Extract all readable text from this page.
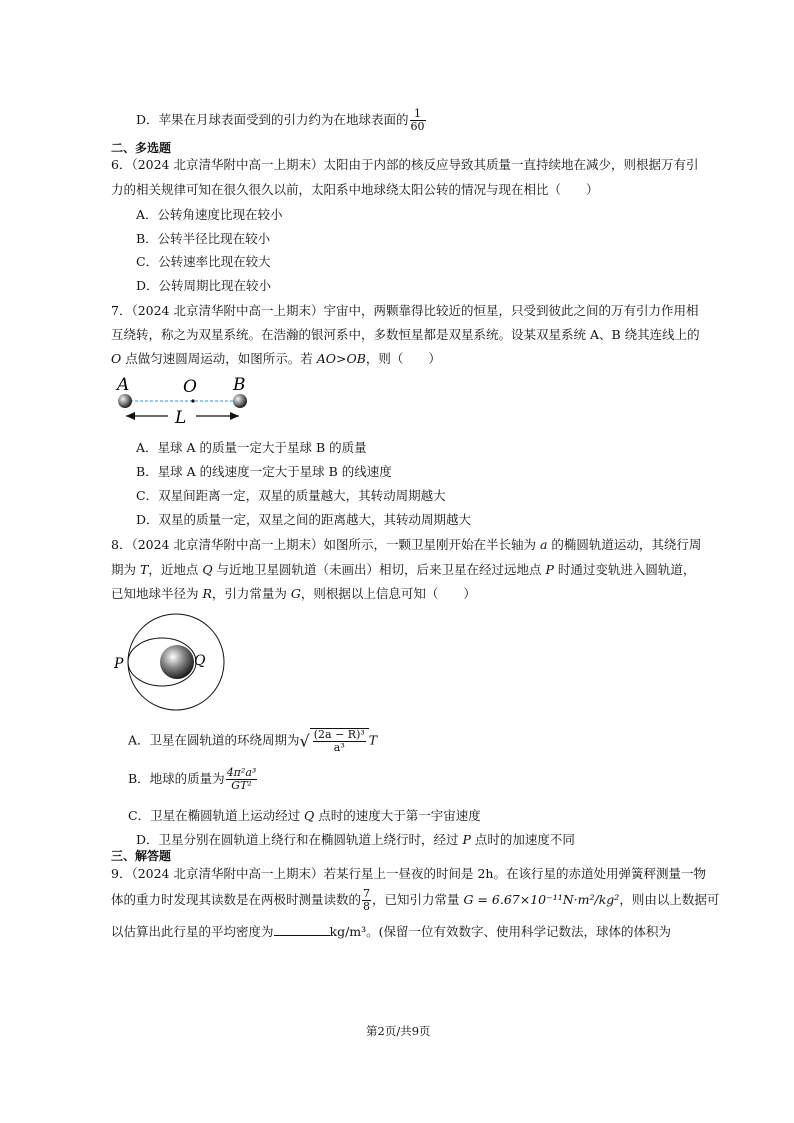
D．苹果在月球表面受到的引力约为在地球表面的 $\frac{1}{60}$
二、多选题
6．（2024 北京清华附中高一上期末）太阳由于内部的核反应导致其质量一直持续地在减少，则根据万有引
力的相关规律可知在很久很久以前，太阳系中地球绕太阳公转的情况与现在相比（　　）
A．公转角速度比现在较小
B．公转半径比现在较小
C．公转速率比现在较大
D．公转周期比现在较小
7．（2024 北京清华附中高一上期末）宇宙中，两颗靠得比较近的恒星，只受到彼此之间的万有引力作用相
互绕转，称之为双星系统。在浩瀚的银河系中，多数恒星都是双星系统。设某双星系统 A、B 绕其连线上的
O 点做匀速圆周运动，如图所示。若 AO>OB，则（　　）
A	O B
L
A．星球 A 的质量一定大于星球 B 的质量
B．星球 A 的线速度一定大于星球 B 的线速度
C．双星间距离一定，双星的质量越大，其转动周期越大
D．双星的质量一定，双星之间的距离越大，其转动周期越大
8．（2024 北京清华附中高一上期末）如图所示，一颗卫星刚开始在半长轴为 a 的椭圆轨道运动，其绕行周
期为 T，近地点 Q 与近地卫星圆轨道（未画出）相切，后来卫星在经过远地点 P 时通过变轨进入圆轨道，
已知地球半径为 R，引力常量为 G，则根据以上信息可知（　　）
P	Q
A．卫星在圆轨道的环绕周期为√ $\frac{\text{(2a − R)³}}{\text{a³}}$ T
B．地球的质量为 $\frac{\text{4π²a³}}{\text{GT²}}$
C．卫星在椭圆轨道上运动经过 Q 点时的速度大于第一宇宙速度
D．卫星分别在圆轨道上绕行和在椭圆轨道上绕行时，经过 P 点时的加速度不同
三、解答题
9．（2024 北京清华附中高一上期末）若某行星上一昼夜的时间是 2h。在该行星的赤道处用弹簧秤测量一物
体的重力时发现其读数是在两极时测量读数的 $\frac{7}{8}$ ，已知引力常量 G = 6.67×10⁻¹¹N·m²/kg²，则由以上数据可
以估算出此行星的平均密度为	kg/m³。(保留一位有效数字、使用科学记数法，球体的体积为
第2页/共9页
